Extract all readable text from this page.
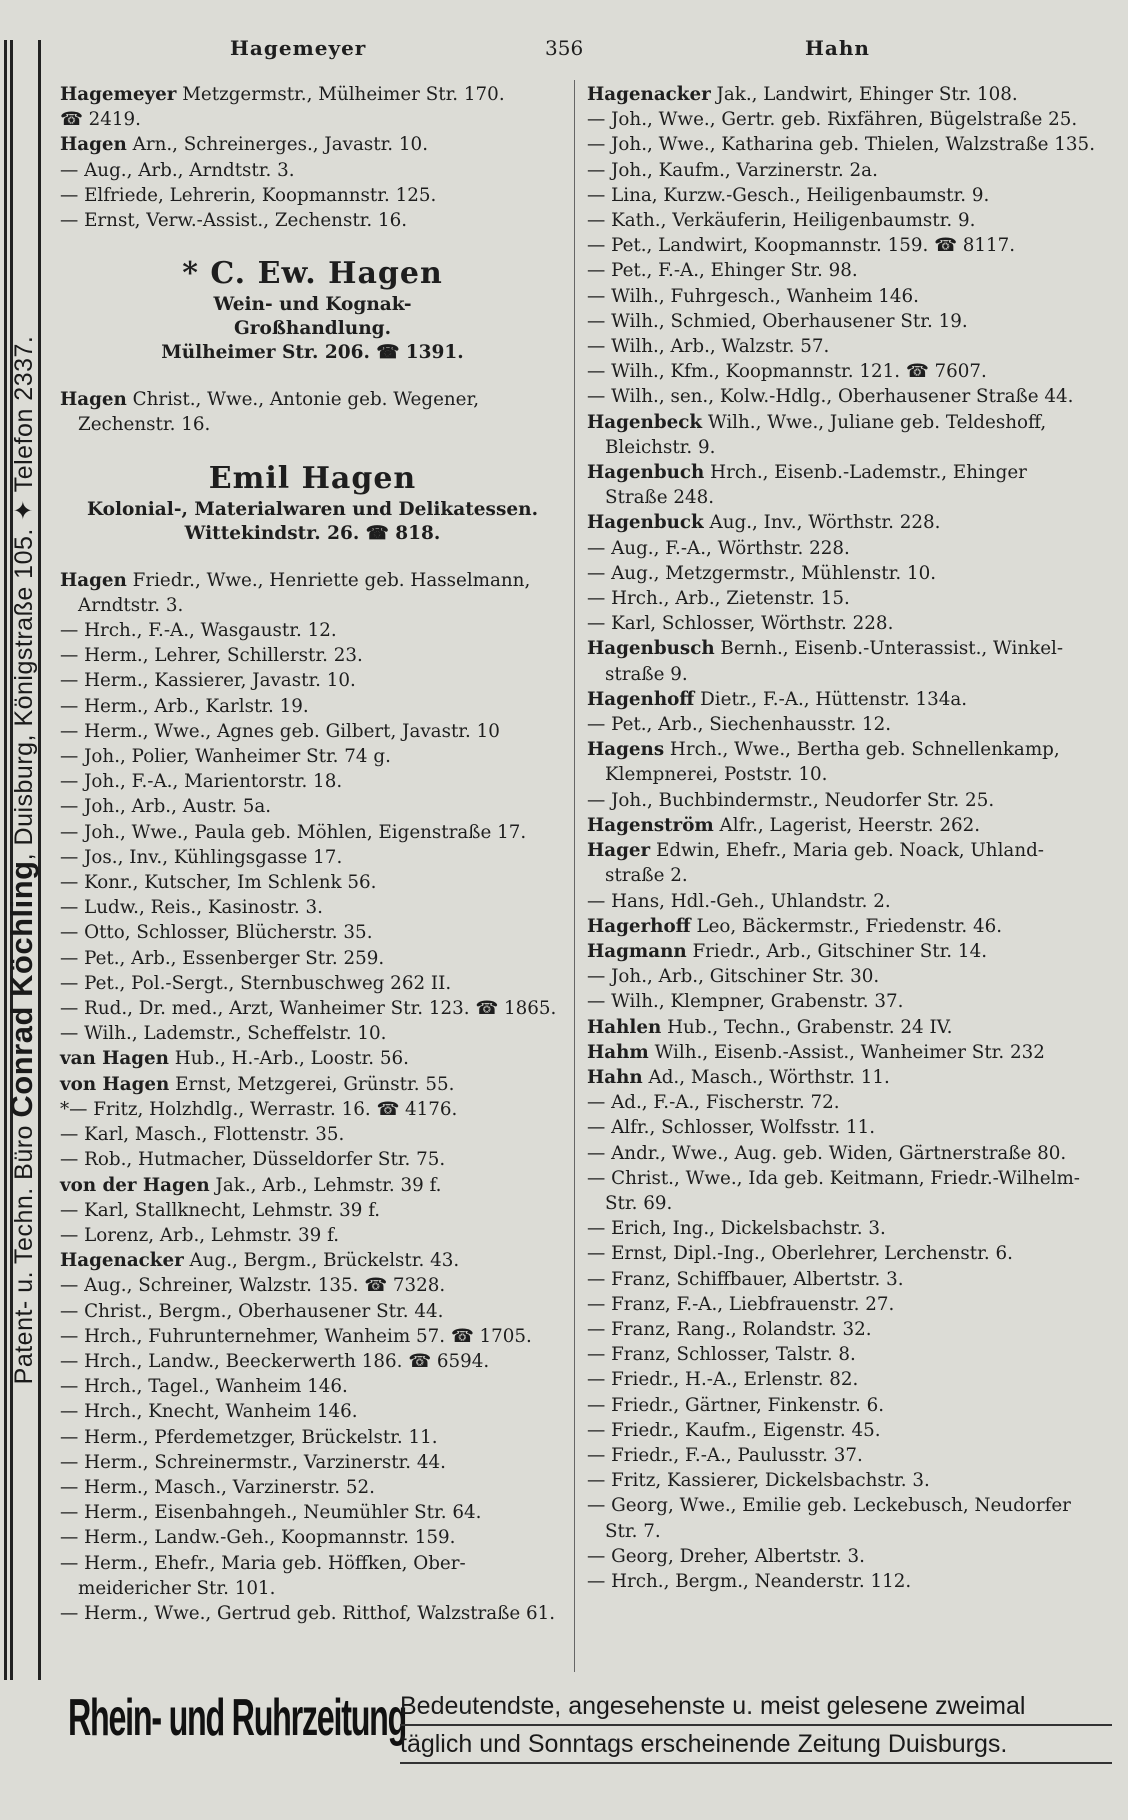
Patent- u. Techn. Büro Conrad Köchling, Duisburg, Königstraße 105. ✦ Telefon 2337.
Hagemeyer	356	Hahn
Hagemeyer Metzgermstr., Mülheimer Str. 170.
☎ 2419.
Hagen Arn., Schreinerges., Javastr. 10.
— Aug., Arb., Arndtstr. 3.
— Elfriede, Lehrerin, Koopmannstr. 125.
— Ernst, Verw.-Assist., Zechenstr. 16.
* C. Ew. Hagen
Wein- und Kognak-
Großhandlung.
Mülheimer Str. 206. ☎ 1391.
Hagen Christ., Wwe., Antonie geb. Wegener, Zechenstr. 16.
Emil Hagen
Kolonial-, Materialwaren und Delikatessen.
Wittekindstr. 26. ☎ 818.
Hagen Friedr., Wwe., Henriette geb. Hasselmann, Arndtstr. 3.
— Hrch., F.-A., Wasgaustr. 12.
— Herm., Lehrer, Schillerstr. 23.
— Herm., Kassierer, Javastr. 10.
— Herm., Arb., Karlstr. 19.
— Herm., Wwe., Agnes geb. Gilbert, Javastr. 10
— Joh., Polier, Wanheimer Str. 74 g.
— Joh., F.-A., Marientorstr. 18.
— Joh., Arb., Austr. 5a.
— Joh., Wwe., Paula geb. Möhlen, Eigenstraße 17.
— Jos., Inv., Kühlingsgasse 17.
— Konr., Kutscher, Im Schlenk 56.
— Ludw., Reis., Kasinostr. 3.
— Otto, Schlosser, Blücherstr. 35.
— Pet., Arb., Essenberger Str. 259.
— Pet., Pol.-Sergt., Sternbuschweg 262 II.
— Rud., Dr. med., Arzt, Wanheimer Str. 123. ☎ 1865.
— Wilh., Lademstr., Scheffelstr. 10.
van Hagen Hub., H.-Arb., Loostr. 56.
von Hagen Ernst, Metzgerei, Grünstr. 55.
*— Fritz, Holzhdlg., Werrastr. 16. ☎ 4176.
— Karl, Masch., Flottenstr. 35.
— Rob., Hutmacher, Düsseldorfer Str. 75.
von der Hagen Jak., Arb., Lehmstr. 39 f.
— Karl, Stallknecht, Lehmstr. 39 f.
— Lorenz, Arb., Lehmstr. 39 f.
Hagenacker Aug., Bergm., Brückelstr. 43.
— Aug., Schreiner, Walzstr. 135. ☎ 7328.
— Christ., Bergm., Oberhausener Str. 44.
— Hrch., Fuhrunternehmer, Wanheim 57. ☎ 1705.
— Hrch., Landw., Beeckerwerth 186. ☎ 6594.
— Hrch., Tagel., Wanheim 146.
— Hrch., Knecht, Wanheim 146.
— Herm., Pferdemetzger, Brückelstr. 11.
— Herm., Schreinermstr., Varzinerstr. 44.
— Herm., Masch., Varzinerstr. 52.
— Herm., Eisenbahngeh., Neumühler Str. 64.
— Herm., Landw.-Geh., Koopmannstr. 159.
— Herm., Ehefr., Maria geb. Höffken, Obermeidericher Str. 101.
— Herm., Wwe., Gertrud geb. Ritthof, Walzstraße 61.
Hagenacker Jak., Landwirt, Ehinger Str. 108.
— Joh., Wwe., Gertr. geb. Rixfähren, Bügelstraße 25.
— Joh., Wwe., Katharina geb. Thielen, Walzstraße 135.
— Joh., Kaufm., Varzinerstr. 2a.
— Lina, Kurzw.-Gesch., Heiligenbaumstr. 9.
— Kath., Verkäuferin, Heiligenbaumstr. 9.
— Pet., Landwirt, Koopmannstr. 159. ☎ 8117.
— Pet., F.-A., Ehinger Str. 98.
— Wilh., Fuhrgesch., Wanheim 146.
— Wilh., Schmied, Oberhausener Str. 19.
— Wilh., Arb., Walzstr. 57.
— Wilh., Kfm., Koopmannstr. 121. ☎ 7607.
— Wilh., sen., Kolw.-Hdlg., Oberhausener Straße 44.
Hagenbeck Wilh., Wwe., Juliane geb. Teldeshoff, Bleichstr. 9.
Hagenbuch Hrch., Eisenb.-Lademstr., Ehinger Straße 248.
Hagenbuck Aug., Inv., Wörthstr. 228.
— Aug., F.-A., Wörthstr. 228.
— Aug., Metzgermstr., Mühlenstr. 10.
— Hrch., Arb., Zietenstr. 15.
— Karl, Schlosser, Wörthstr. 228.
Hagenbusch Bernh., Eisenb.-Unterassist., Winkelstraße 9.
Hagenhoff Dietr., F.-A., Hüttenstr. 134a.
— Pet., Arb., Siechenhausstr. 12.
Hagens Hrch., Wwe., Bertha geb. Schnellenkamp, Klempnerei, Poststr. 10.
— Joh., Buchbindermstr., Neudorfer Str. 25.
Hagenström Alfr., Lagerist, Heerstr. 262.
Hager Edwin, Ehefr., Maria geb. Noack, Uhlandstraße 2.
— Hans, Hdl.-Geh., Uhlandstr. 2.
Hagerhoff Leo, Bäckermstr., Friedenstr. 46.
Hagmann Friedr., Arb., Gitschiner Str. 14.
— Joh., Arb., Gitschiner Str. 30.
— Wilh., Klempner, Grabenstr. 37.
Hahlen Hub., Techn., Grabenstr. 24 IV.
Hahm Wilh., Eisenb.-Assist., Wanheimer Str. 232
Hahn Ad., Masch., Wörthstr. 11.
— Ad., F.-A., Fischerstr. 72.
— Alfr., Schlosser, Wolfsstr. 11.
— Andr., Wwe., Aug. geb. Widen, Gärtnerstraße 80.
— Christ., Wwe., Ida geb. Keitmann, Friedr.-Wilhelm-Str. 69.
— Erich, Ing., Dickelsbachstr. 3.
— Ernst, Dipl.-Ing., Oberlehrer, Lerchenstr. 6.
— Franz, Schiffbauer, Albertstr. 3.
— Franz, F.-A., Liebfrauenstr. 27.
— Franz, Rang., Rolandstr. 32.
— Franz, Schlosser, Talstr. 8.
— Friedr., H.-A., Erlenstr. 82.
— Friedr., Gärtner, Finkenstr. 6.
— Friedr., Kaufm., Eigenstr. 45.
— Friedr., F.-A., Paulusstr. 37.
— Fritz, Kassierer, Dickelsbachstr. 3.
— Georg, Wwe., Emilie geb. Leckebusch, Neudorfer Str. 7.
— Georg, Dreher, Albertstr. 3.
— Hrch., Bergm., Neanderstr. 112.
Rhein- und Ruhrzeitung
Bedeutendste, angesehenste u. meist gelesene zweimal
täglich und Sonntags erscheinende Zeitung Duisburgs.
